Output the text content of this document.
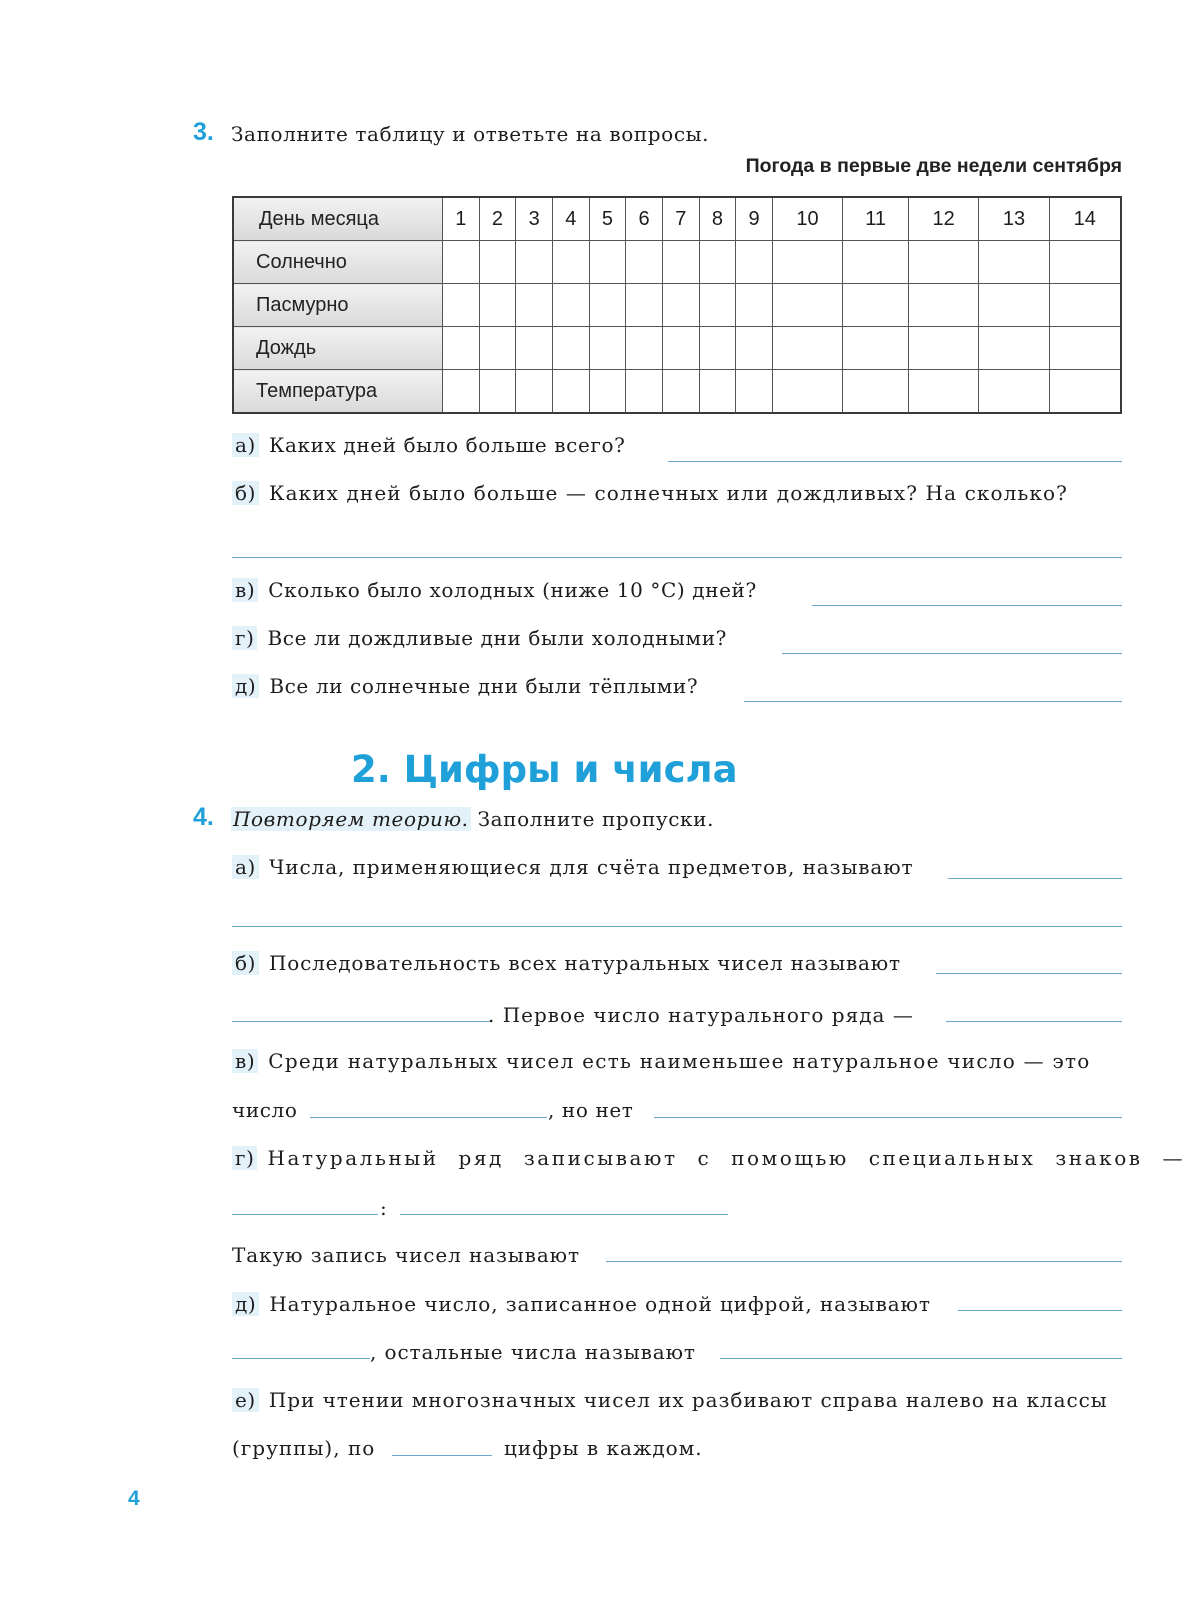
3. Заполните таблицу и ответьте на вопросы.
Погода в первые две недели сентября
День месяца	1	2	3	4	5	6	7	8	9	10	11	12	13	14
Солнечно														
Пасмурно														
Дождь														
Температура														
а) Каких дней было больше всего?
б) Каких дней было больше — солнечных или дождливых? На сколько?
в) Сколько было холодных (ниже 10 °С) дней?
г) Все ли дождливые дни были холодными?
д) Все ли солнечные дни были тёплыми?
2. Цифры и числа
4. Повторяем теорию. Заполните пропуски.
а) Числа, применяющиеся для счёта предметов, называют
б) Последовательность всех натуральных чисел называют
. Первое число натурального ряда —
в) Среди натуральных чисел есть наименьшее натуральное число — это
число	, но нет
г) Натуральный ряд записывают с помощью специальных знаков —
:
Такую запись чисел называют
д) Натуральное число, записанное одной цифрой, называют
, остальные числа называют
е) При чтении многозначных чисел их разбивают справа налево на классы
(группы), по	цифры в каждом.
4
